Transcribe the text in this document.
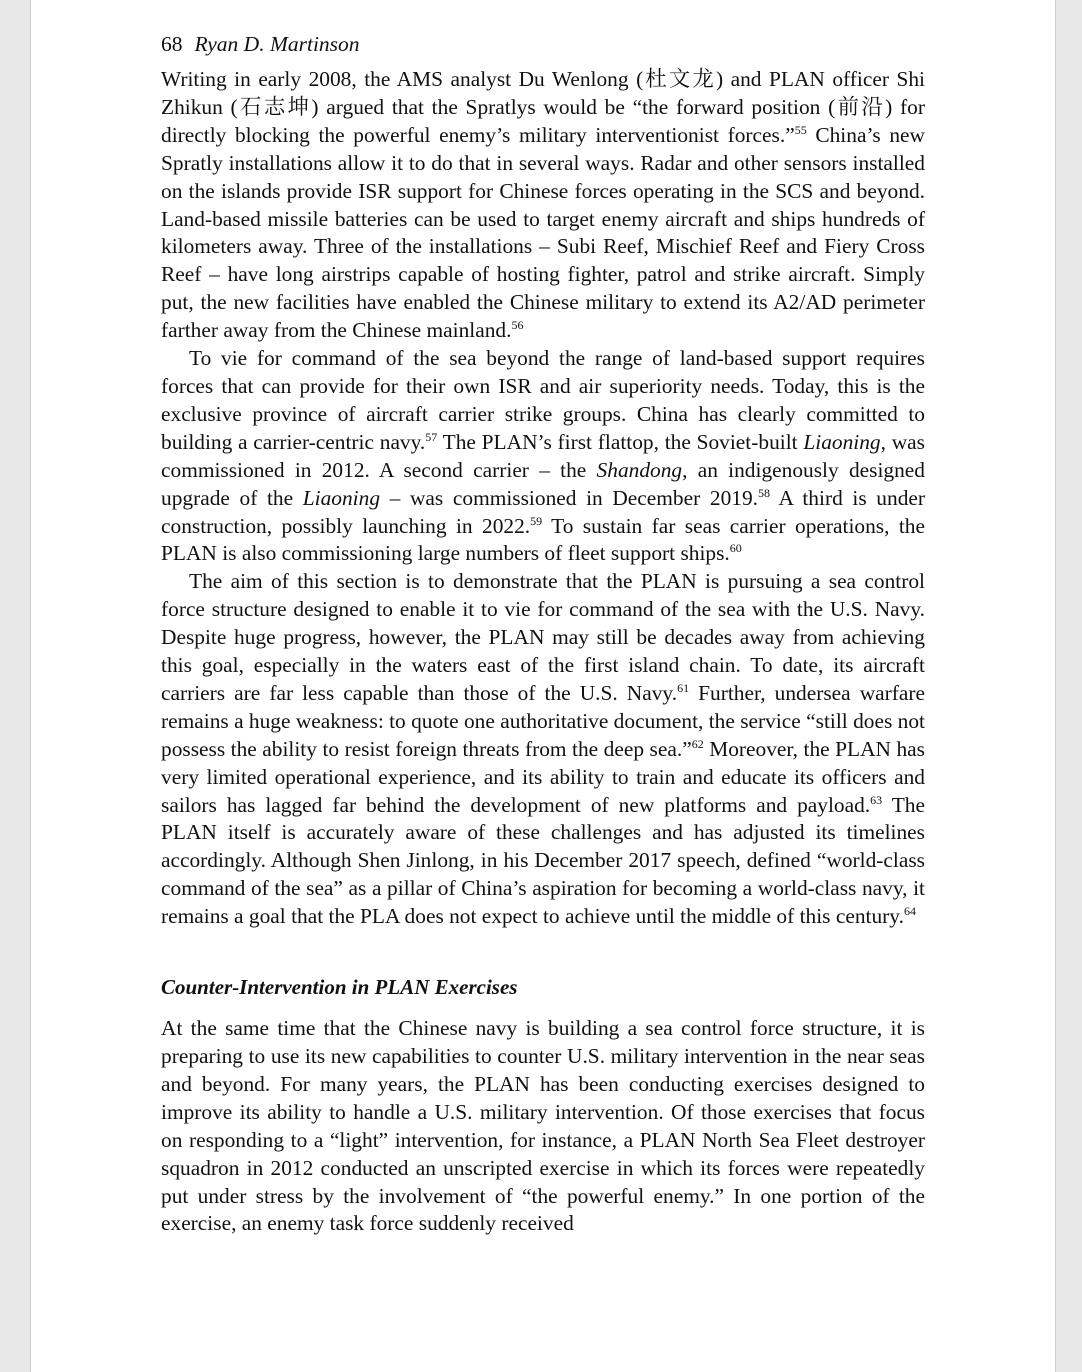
68 Ryan D. Martinson

Writing in early 2008, the AMS analyst Du Wenlong (杜文龙) and PLAN officer Shi Zhikun (石志坤) argued that the Spratlys would be “the forward position (前沿) for directly blocking the powerful enemy’s military interventionist forces.”$^{55}$ China’s new Spratly installations allow it to do that in several ways. Radar and other sensors installed on the islands provide ISR support for Chinese forces operating in the SCS and beyond. Land-based missile batteries can be used to target enemy aircraft and ships hundreds of kilometers away. Three of the installations – Subi Reef, Mischief Reef and Fiery Cross Reef – have long airstrips capable of hosting fighter, patrol and strike aircraft. Simply put, the new facilities have enabled the Chinese military to extend its A2/AD perimeter farther away from the Chinese mainland.$^{56}$

To vie for command of the sea beyond the range of land-based support requires forces that can provide for their own ISR and air superiority needs. Today, this is the exclusive province of aircraft carrier strike groups. China has clearly committed to building a carrier-centric navy.$^{57}$ The PLAN’s first flattop, the Soviet-built Liaoning, was commissioned in 2012. A second carrier – the Shandong, an indigenously designed upgrade of the Liaoning – was commissioned in December 2019.58 A third is under construction, possibly launching in 2022.59 To sustain far seas carrier operations, the PLAN is also commissioning large numbers of fleet support ships.$^{60}$

The aim of this section is to demonstrate that the PLAN is pursuing a sea control force structure designed to enable it to vie for command of the sea with the U.S. Navy. Despite huge progress, however, the PLAN may still be decades away from achieving this goal, especially in the waters east of the first island chain. To date, its aircraft carriers are far less capable than those of the U.S. Navy.$^{61}$ Further, undersea warfare remains a huge weakness: to quote one authoritative document, the service “still does not possess the ability to resist foreign threats from the deep sea.”$^{62}$ Moreover, the PLAN has very limited operational experience, and its ability to train and educate its officers and sailors has lagged far behind the development of new platforms and payload.$^{63}$ The PLAN itself is accurately aware of these challenges and has adjusted its timelines accordingly. Although Shen Jinlong, in his December 2017 speech, defined “world-class command of the sea” as a pillar of China’s aspiration for becoming a world-class navy, it remains a goal that the PLA does not expect to achieve until the middle of this century.$^{64}$

Counter-Intervention in PLAN Exercises

At the same time that the Chinese navy is building a sea control force structure, it is preparing to use its new capabilities to counter U.S. military intervention in the near seas and beyond. For many years, the PLAN has been conducting exercises designed to improve its ability to handle a U.S. military intervention. Of those exercises that focus on responding to a “light” intervention, for instance, a PLAN North Sea Fleet destroyer squadron in 2012 conducted an unscripted exercise in which its forces were repeatedly put under stress by the involvement of “the powerful enemy.” In one portion of the exercise, an enemy task force suddenly received
